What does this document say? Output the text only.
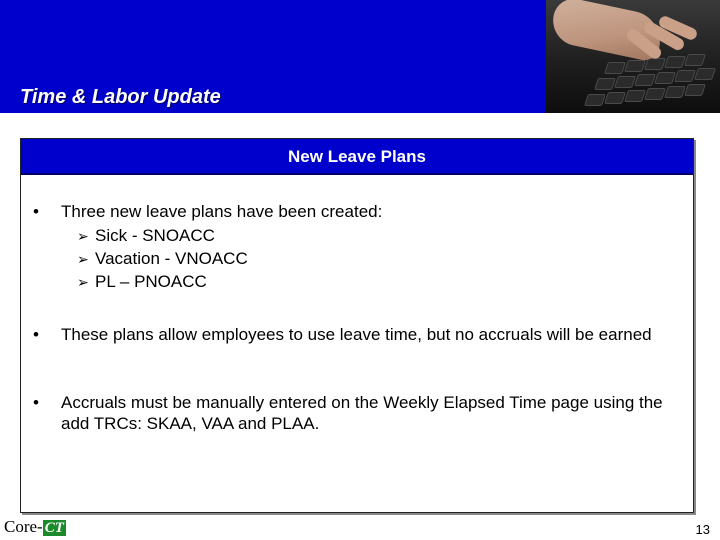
Time & Labor Update
New Leave Plans
• Three new leave plans have been created:
➢ Sick - SNOACC
➢ Vacation - VNOACC
➢ PL – PNOACC
• These plans allow employees to use leave time, but no accruals will be earned
• Accruals must be manually entered on the Weekly Elapsed Time page using the add TRCs: SKAA, VAA and PLAA.
Core- CT	13
